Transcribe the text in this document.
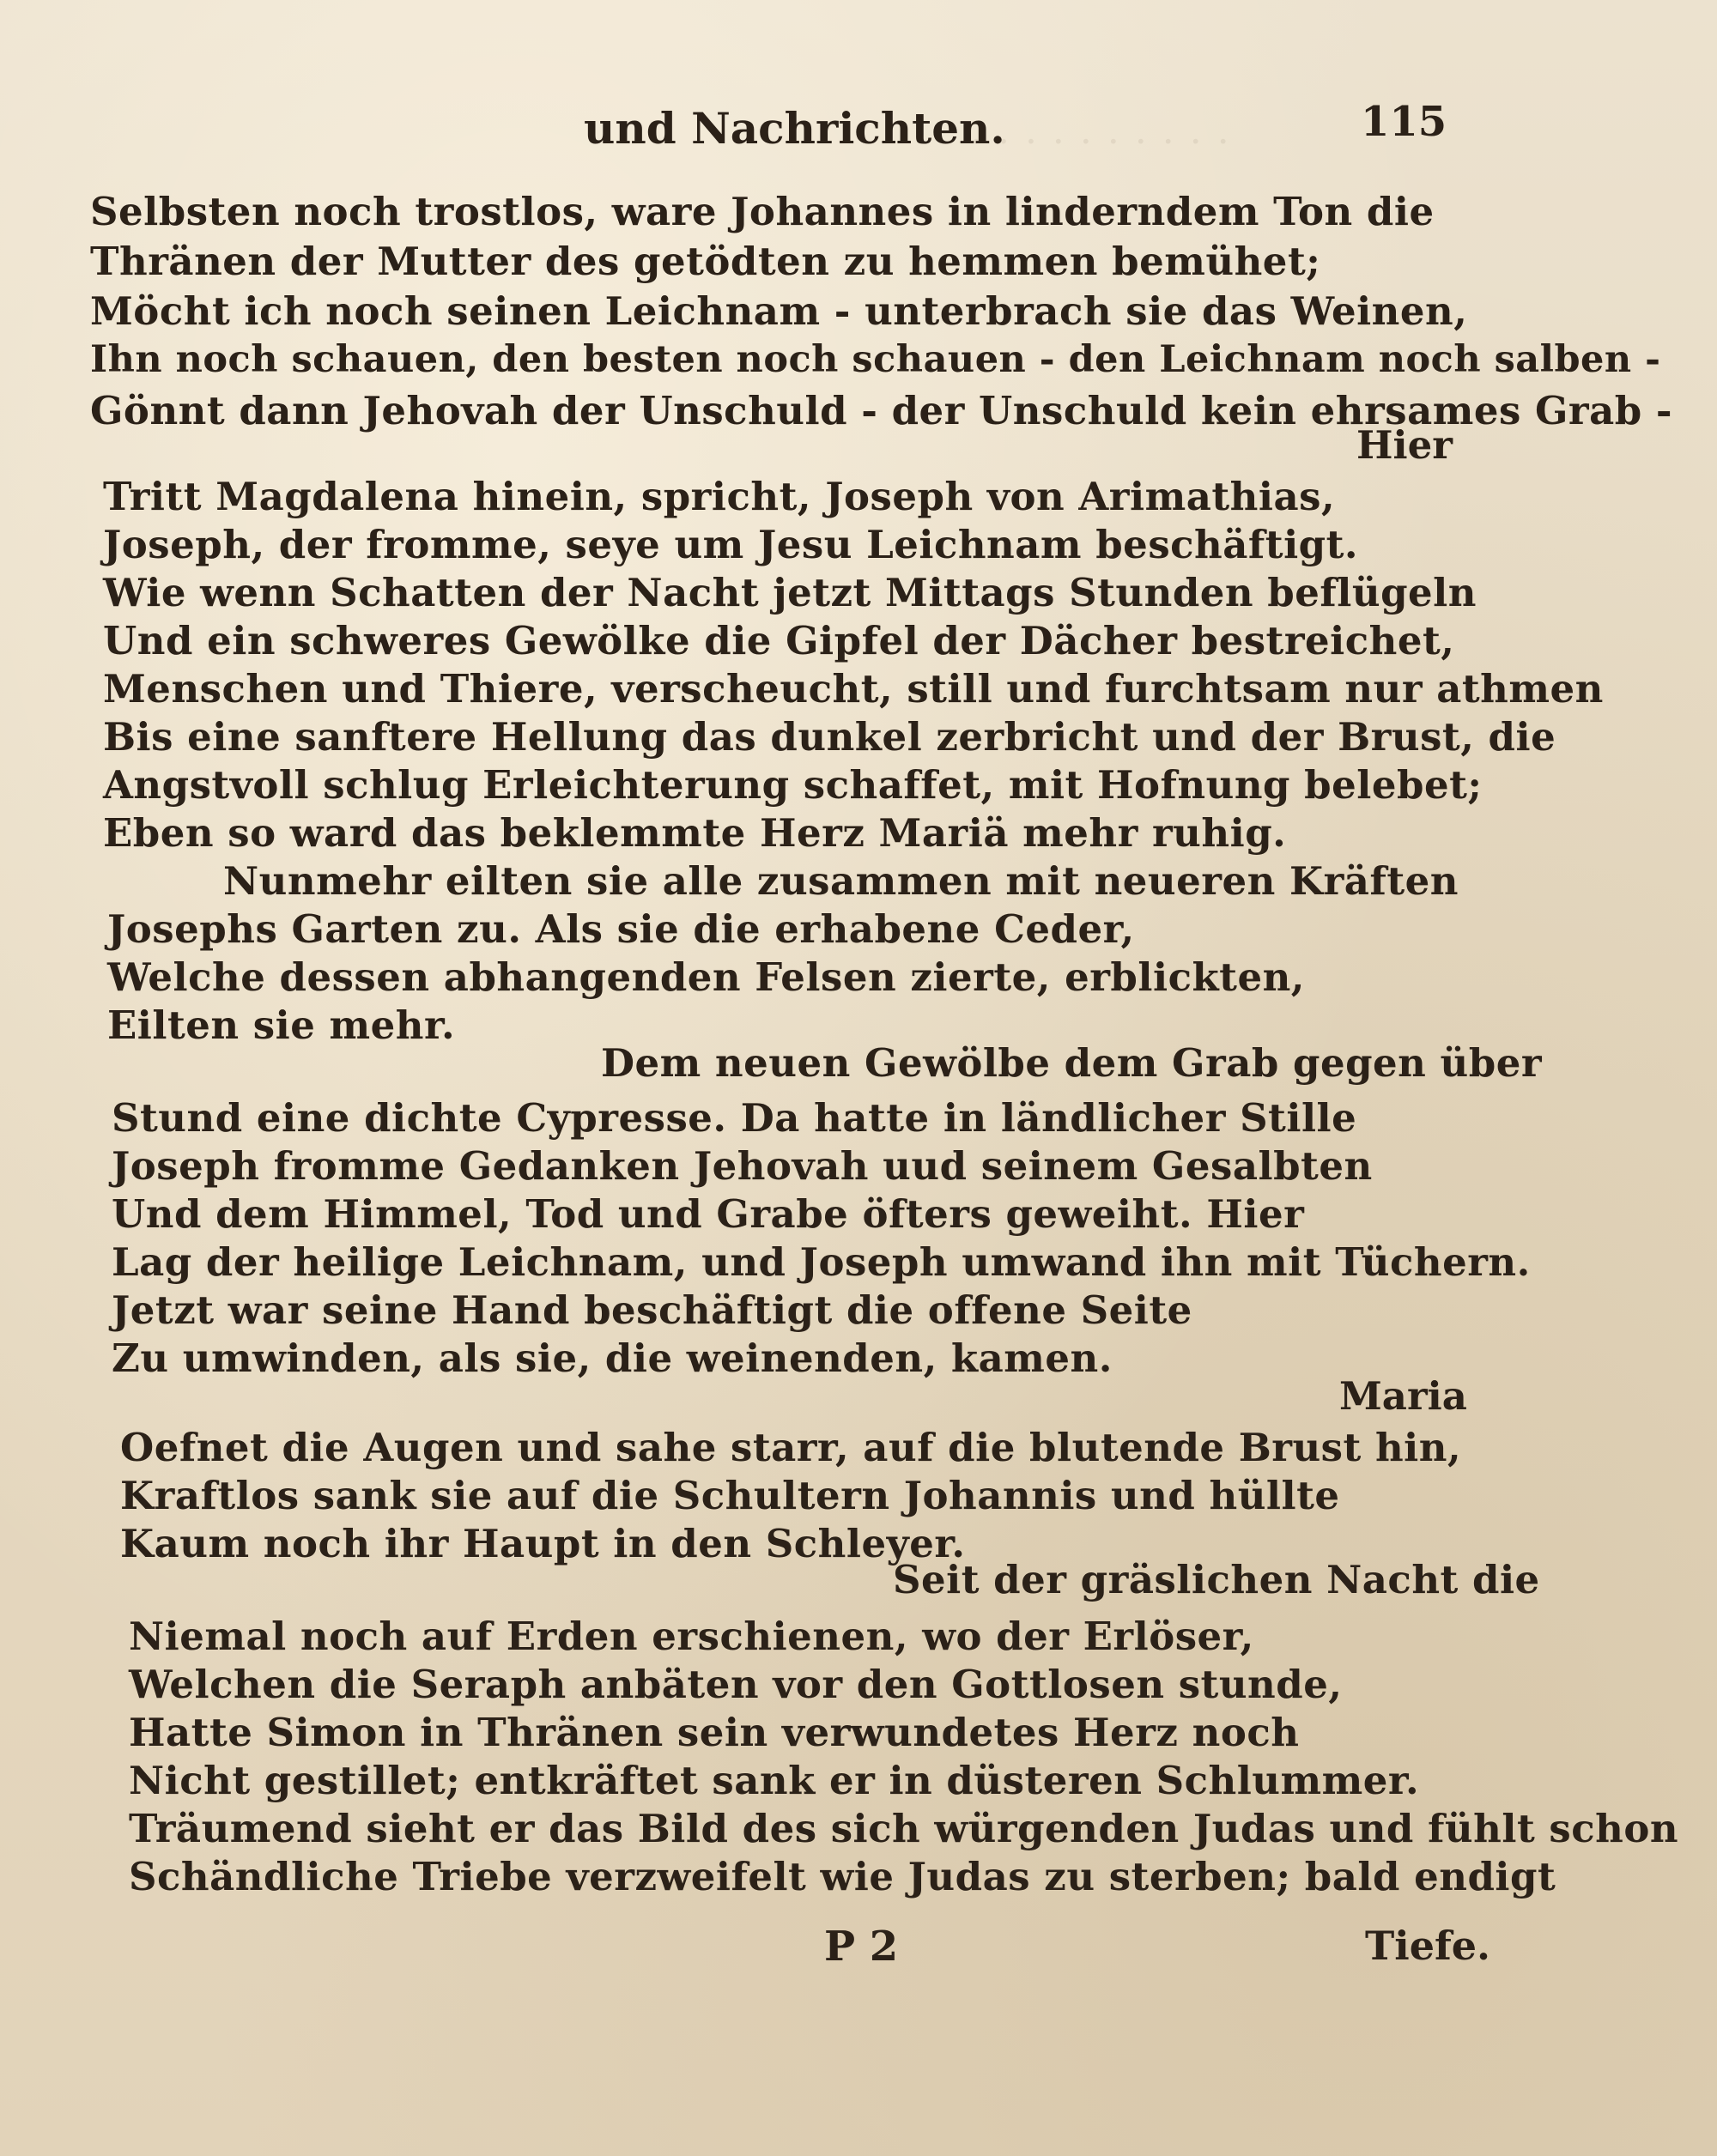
· · · · · · · · · ·
und Nachrichten.	115
Selbsten noch trostlos, ware Johannes in linderndem Ton die
Thränen der Mutter des getödten zu hemmen bemühet;
Möcht ich noch seinen Leichnam - unterbrach sie das Weinen,
Ihn noch schauen, den besten noch schauen - den Leichnam noch salben -
Gönnt dann Jehovah der Unschuld - der Unschuld kein ehrsames Grab -
Hier
Tritt Magdalena hinein, spricht, Joseph von Arimathias,
Joseph, der fromme, seye um Jesu Leichnam beschäftigt.
Wie wenn Schatten der Nacht jetzt Mittags Stunden beflügeln
Und ein schweres Gewölke die Gipfel der Dächer bestreichet,
Menschen und Thiere, verscheucht, still und furchtsam nur athmen
Bis eine sanftere Hellung das dunkel zerbricht und der Brust, die
Angstvoll schlug Erleichterung schaffet, mit Hofnung belebet;
Eben so ward das beklemmte Herz Mariä mehr ruhig.
Nunmehr eilten sie alle zusammen mit neueren Kräften
Josephs Garten zu. Als sie die erhabene Ceder,
Welche dessen abhangenden Felsen zierte, erblickten,
Eilten sie mehr.
Dem neuen Gewölbe dem Grab gegen über
Stund eine dichte Cypresse. Da hatte in ländlicher Stille
Joseph fromme Gedanken Jehovah uud seinem Gesalbten
Und dem Himmel, Tod und Grabe öfters geweiht. Hier
Lag der heilige Leichnam, und Joseph umwand ihn mit Tüchern.
Jetzt war seine Hand beschäftigt die offene Seite
Zu umwinden, als sie, die weinenden, kamen.
Maria
Oefnet die Augen und sahe starr, auf die blutende Brust hin,
Kraftlos sank sie auf die Schultern Johannis und hüllte
Kaum noch ihr Haupt in den Schleyer.
Seit der gräslichen Nacht die
Niemal noch auf Erden erschienen, wo der Erlöser,
Welchen die Seraph anbäten vor den Gottlosen stunde,
Hatte Simon in Thränen sein verwundetes Herz noch
Nicht gestillet; entkräftet sank er in düsteren Schlummer.
Träumend sieht er das Bild des sich würgenden Judas und fühlt schon
Schändliche Triebe verzweifelt wie Judas zu sterben; bald endigt
P 2	Tiefe.
